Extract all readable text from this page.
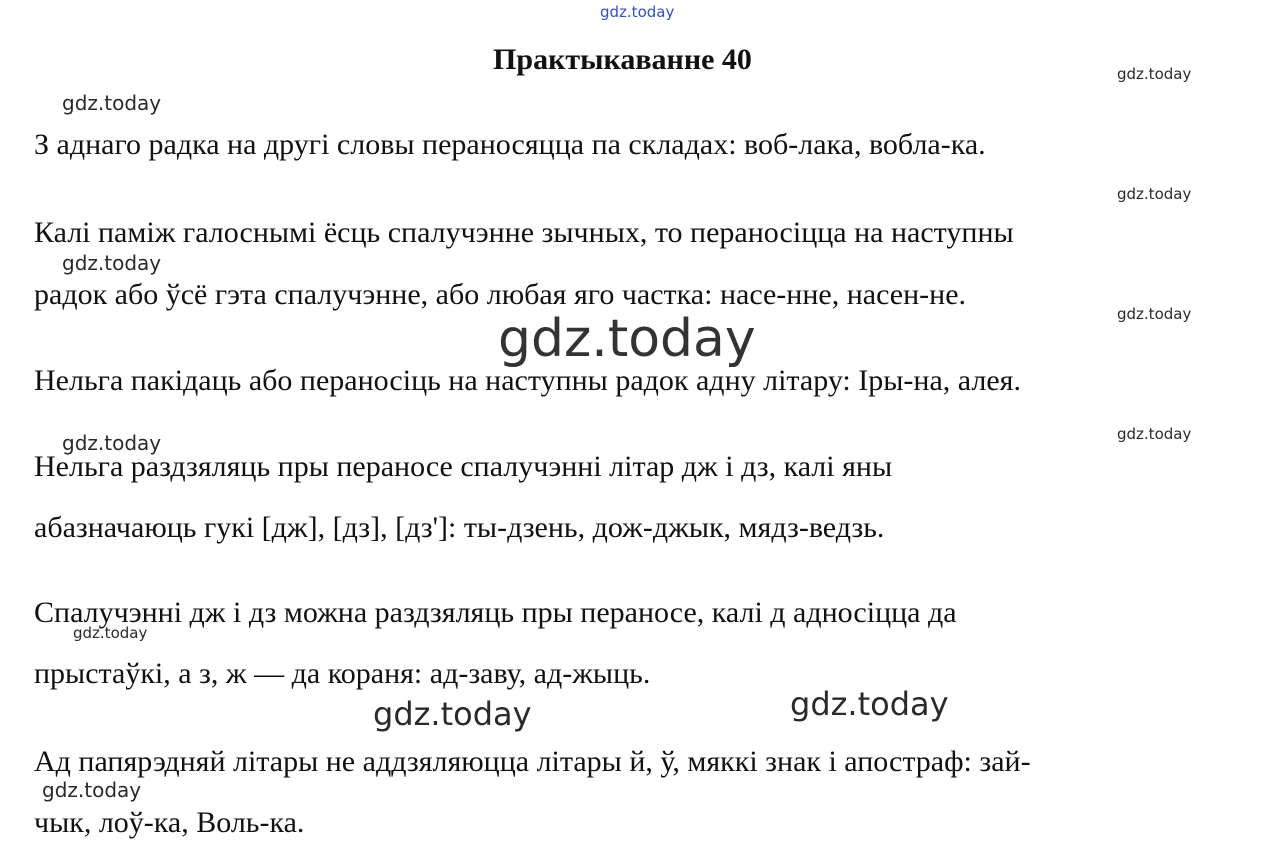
Практыкаванне 40
З аднаго радка на другі словы пераносяцца па складах: воб-лака, вобла-ка.
Калі паміж галоснымі ёсць спалучэнне зычных, то пераносіцца на наступны
радок або ўсё гэта спалучэнне, або любая яго частка: насе-нне, насен-не.
Нельга пакідаць або пераносіць на наступны радок адну літару: Іры-на, алея.
Нельга раздзяляць пры пераносе спалучэнні літар дж і дз, калі яны
абазначаюць гукі [дж], [дз], [дз']: ты-дзень, дож-джык, мядз-ведзь.
Спалучэнні дж і дз можна раздзяляць пры пераносе, калі д адносіцца да
прыстаўкі, а з, ж — да кораня: ад-заву, ад-жыць.
Ад папярэдняй літары не аддзяляюцца літары й, ў, мяккі знак і апостраф: зай-
чык, лоў-ка, Воль-ка.
gdz.today
gdz.today
gdz.today
gdz.today
gdz.today
gdz.today
gdz.today
gdz.today	gdz.today
gdz.today
gdz.today
gdz.today
gdz.today
